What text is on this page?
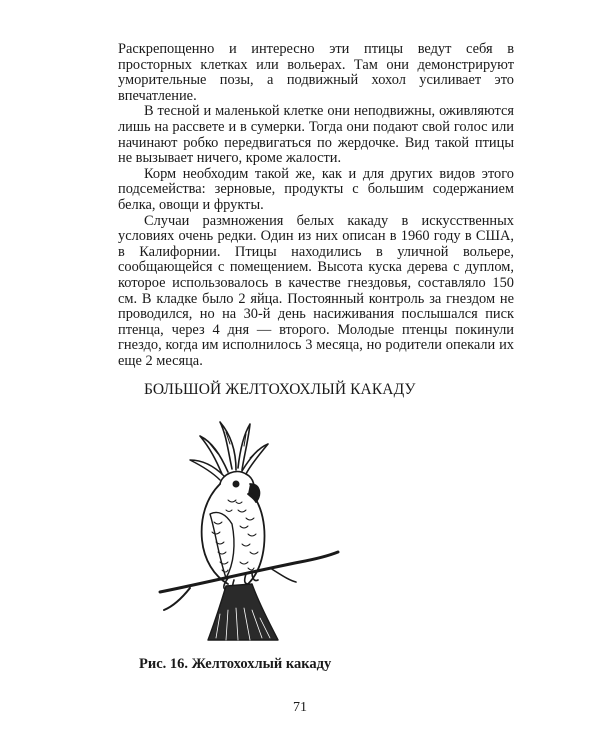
Раскрепощенно и интересно эти птицы ведут себя в просторных клетках или вольерах. Там они демонстрируют уморительные позы, а подвижный хохол усиливает это впечатление.

В тесной и маленькой клетке они неподвижны, оживляются лишь на рассвете и в сумерки. Тогда они подают свой голос или начинают робко передвигаться по жердочке. Вид такой птицы не вызывает ничего, кроме жалости.

Корм необходим такой же, как и для других видов этого подсемейства: зерновые, продукты с большим содержанием белка, овощи и фрукты.

Случаи размножения белых какаду в искусственных условиях очень редки. Один из них описан в 1960 году в США, в Калифорнии. Птицы находились в уличной вольере, сообщающейся с помещением. Высота куска дерева с дуплом, которое использовалось в качестве гнездовья, составляло 150 см. В кладке было 2 яйца. Постоянный контроль за гнездом не проводился, но на 30-й день насиживания послышался писк птенца, через 4 дня — второго. Молодые птенцы покинули гнездо, когда им исполнилось 3 месяца, но родители опекали их еще 2 месяца.

БОЛЬШОЙ ЖЕЛТОХОХЛЫЙ КАКАДУ
Рис. 16. Желтохохлый какаду
71
